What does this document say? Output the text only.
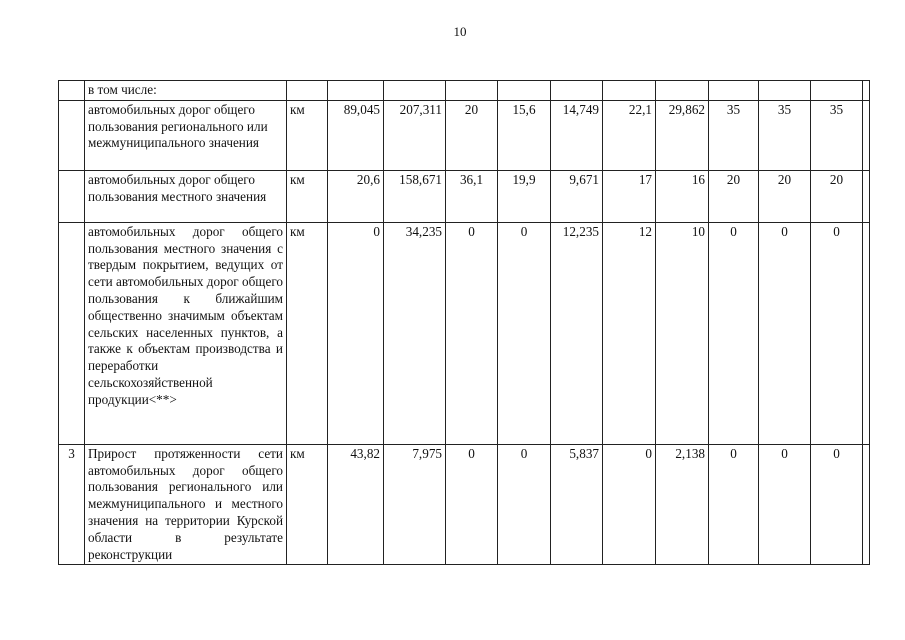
10
	в том числе:												
	автомобильных дорог общего пользования регионального или межмуниципального значения	км	89,045	207,311	20	15,6	14,749	22,1	29,862	35	35	35	
	автомобильных дорог общего пользования местного значения	км	20,6	158,671	36,1	19,9	9,671	17	16	20	20	20	
	автомобильных дорог общего пользования местного значения с твердым покрытием, ведущих от сети автомобильных дорог общего пользования к ближайшим общественно значимым объектам сельских населенных пунктов, а также к объектам производства и переработки сельскохозяйственной продукции<**>	км	0	34,235	0	0	12,235	12	10	0	0	0	
3	Прирост протяженности сети автомобильных дорог общего пользования регионального или межмуниципального и местного значения на территории Курской области в результате реконструкции	км	43,82	7,975	0	0	5,837	0	2,138	0	0	0	
